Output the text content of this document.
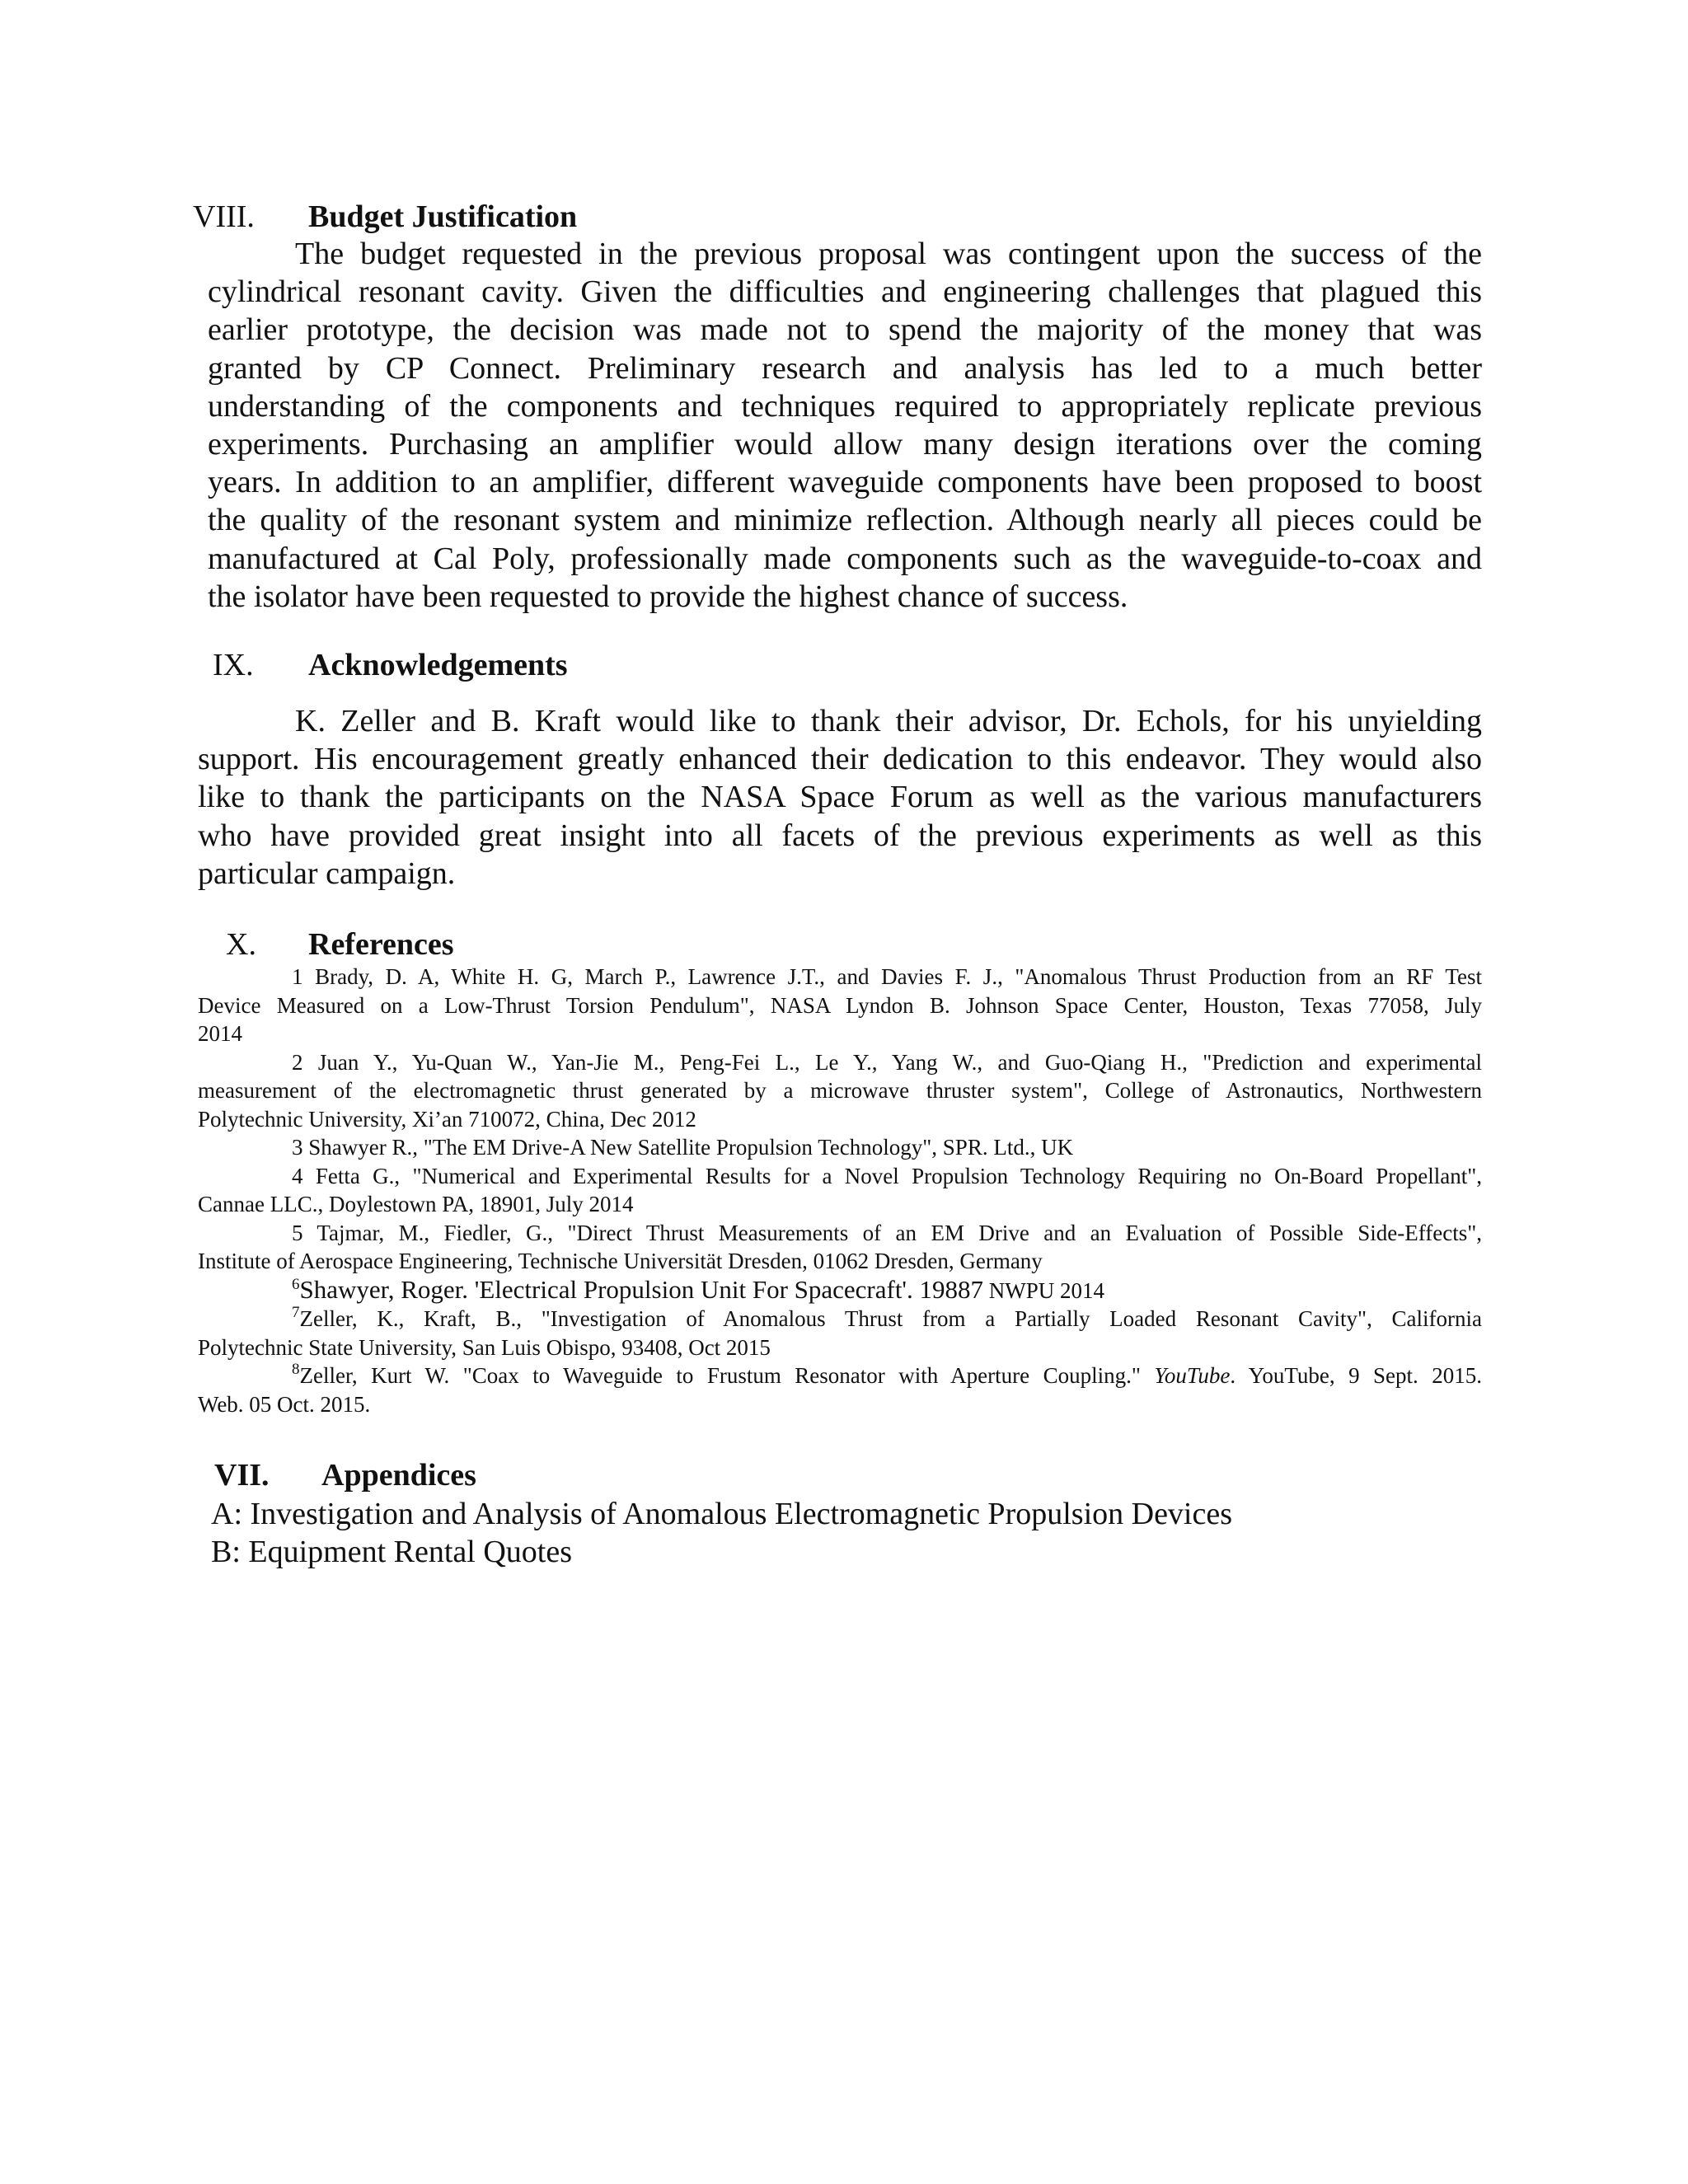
VIII. Budget Justification
The budget requested in the previous proposal was contingent upon the success of the
cylindrical resonant cavity. Given the difficulties and engineering challenges that plagued this
earlier prototype, the decision was made not to spend the majority of the money that was
granted by CP Connect. Preliminary research and analysis has led to a much better
understanding of the components and techniques required to appropriately replicate previous
experiments. Purchasing an amplifier would allow many design iterations over the coming
years. In addition to an amplifier, different waveguide components have been proposed to boost
the quality of the resonant system and minimize reflection. Although nearly all pieces could be
manufactured at Cal Poly, professionally made components such as the waveguide-to-coax and
the isolator have been requested to provide the highest chance of success.
IX. Acknowledgements
K. Zeller and B. Kraft would like to thank their advisor, Dr. Echols, for his unyielding
support. His encouragement greatly enhanced their dedication to this endeavor. They would also
like to thank the participants on the NASA Space Forum as well as the various manufacturers
who have provided great insight into all facets of the previous experiments as well as this
particular campaign.
X. References
1 Brady, D. A, White H. G, March P., Lawrence J.T., and Davies F. J., "Anomalous Thrust Production from an RF Test
Device Measured on a Low-Thrust Torsion Pendulum", NASA Lyndon B. Johnson Space Center, Houston, Texas 77058, July
2014
2 Juan Y., Yu-Quan W., Yan-Jie M., Peng-Fei L., Le Y., Yang W., and Guo-Qiang H., "Prediction and experimental
measurement of the electromagnetic thrust generated by a microwave thruster system", College of Astronautics, Northwestern
Polytechnic University, Xi’an 710072, China, Dec 2012
3 Shawyer R., "The EM Drive-A New Satellite Propulsion Technology", SPR. Ltd., UK
4 Fetta G., "Numerical and Experimental Results for a Novel Propulsion Technology Requiring no On-Board Propellant",
Cannae LLC., Doylestown PA, 18901, July 2014
5 Tajmar, M., Fiedler, G., "Direct Thrust Measurements of an EM Drive and an Evaluation of Possible Side-Effects",
Institute of Aerospace Engineering, Technische Universität Dresden, 01062 Dresden, Germany
$^6$Shawyer, Roger. 'Electrical Propulsion Unit For Spacecraft'. 19887 NWPU 2014
$^7$Zeller, K., Kraft, B., "Investigation of Anomalous Thrust from a Partially Loaded Resonant Cavity", California
Polytechnic State University, San Luis Obispo, 93408, Oct 2015
$^8$Zeller, Kurt W. "Coax to Waveguide to Frustum Resonator with Aperture Coupling." YouTube. YouTube, 9 Sept. 2015.
Web. 05 Oct. 2015.
VII. Appendices
A: Investigation and Analysis of Anomalous Electromagnetic Propulsion Devices
B: Equipment Rental Quotes
